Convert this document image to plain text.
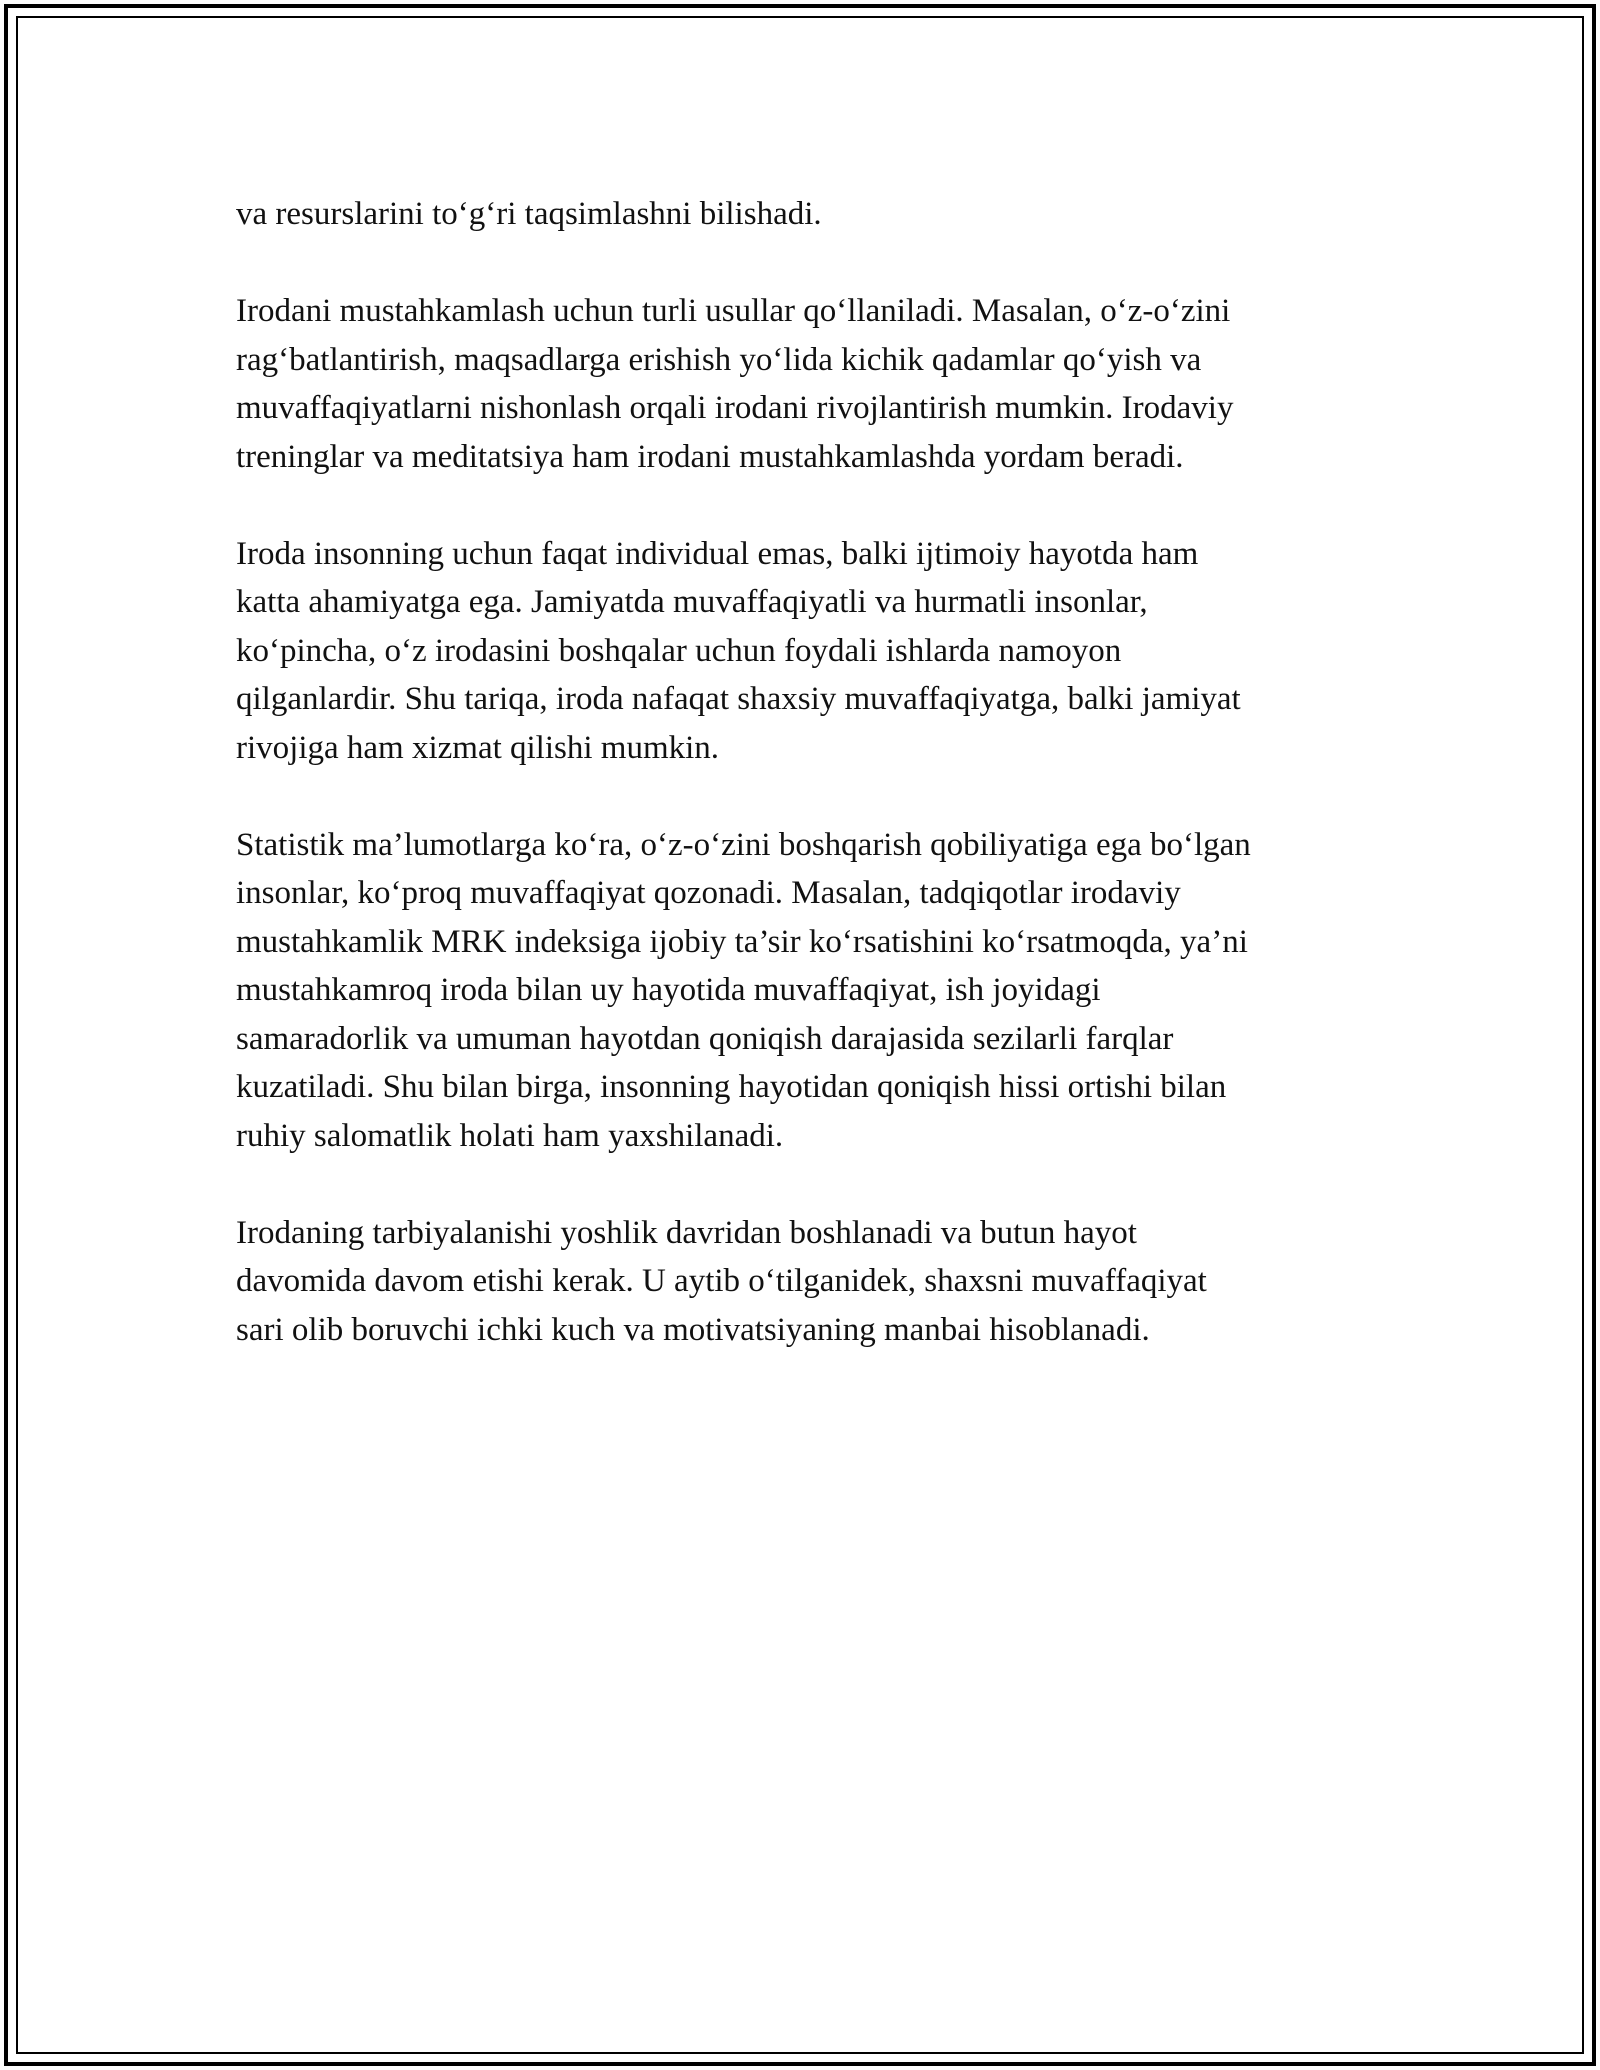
va resurslarini to‘g‘ri taqsimlashni bilishadi.

Irodani mustahkamlash uchun turli usullar qo‘llaniladi. Masalan, o‘z-o‘zini
rag‘batlantirish, maqsadlarga erishish yo‘lida kichik qadamlar qo‘yish va
muvaffaqiyatlarni nishonlash orqali irodani rivojlantirish mumkin. Irodaviy
treninglar va meditatsiya ham irodani mustahkamlashda yordam beradi.

Iroda insonning uchun faqat individual emas, balki ijtimoiy hayotda ham
katta ahamiyatga ega. Jamiyatda muvaffaqiyatli va hurmatli insonlar,
ko‘pincha, o‘z irodasini boshqalar uchun foydali ishlarda namoyon
qilganlardir. Shu tariqa, iroda nafaqat shaxsiy muvaffaqiyatga, balki jamiyat
rivojiga ham xizmat qilishi mumkin.

Statistik ma’lumotlarga ko‘ra, o‘z-o‘zini boshqarish qobiliyatiga ega bo‘lgan
insonlar, ko‘proq muvaffaqiyat qozonadi. Masalan, tadqiqotlar irodaviy
mustahkamlik MRK indeksiga ijobiy ta’sir ko‘rsatishini ko‘rsatmoqda, ya’ni
mustahkamroq iroda bilan uy hayotida muvaffaqiyat, ish joyidagi
samaradorlik va umuman hayotdan qoniqish darajasida sezilarli farqlar
kuzatiladi. Shu bilan birga, insonning hayotidan qoniqish hissi ortishi bilan
ruhiy salomatlik holati ham yaxshilanadi.

Irodaning tarbiyalanishi yoshlik davridan boshlanadi va butun hayot
davomida davom etishi kerak. U aytib o‘tilganidek, shaxsni muvaffaqiyat
sari olib boruvchi ichki kuch va motivatsiyaning manbai hisoblanadi.
